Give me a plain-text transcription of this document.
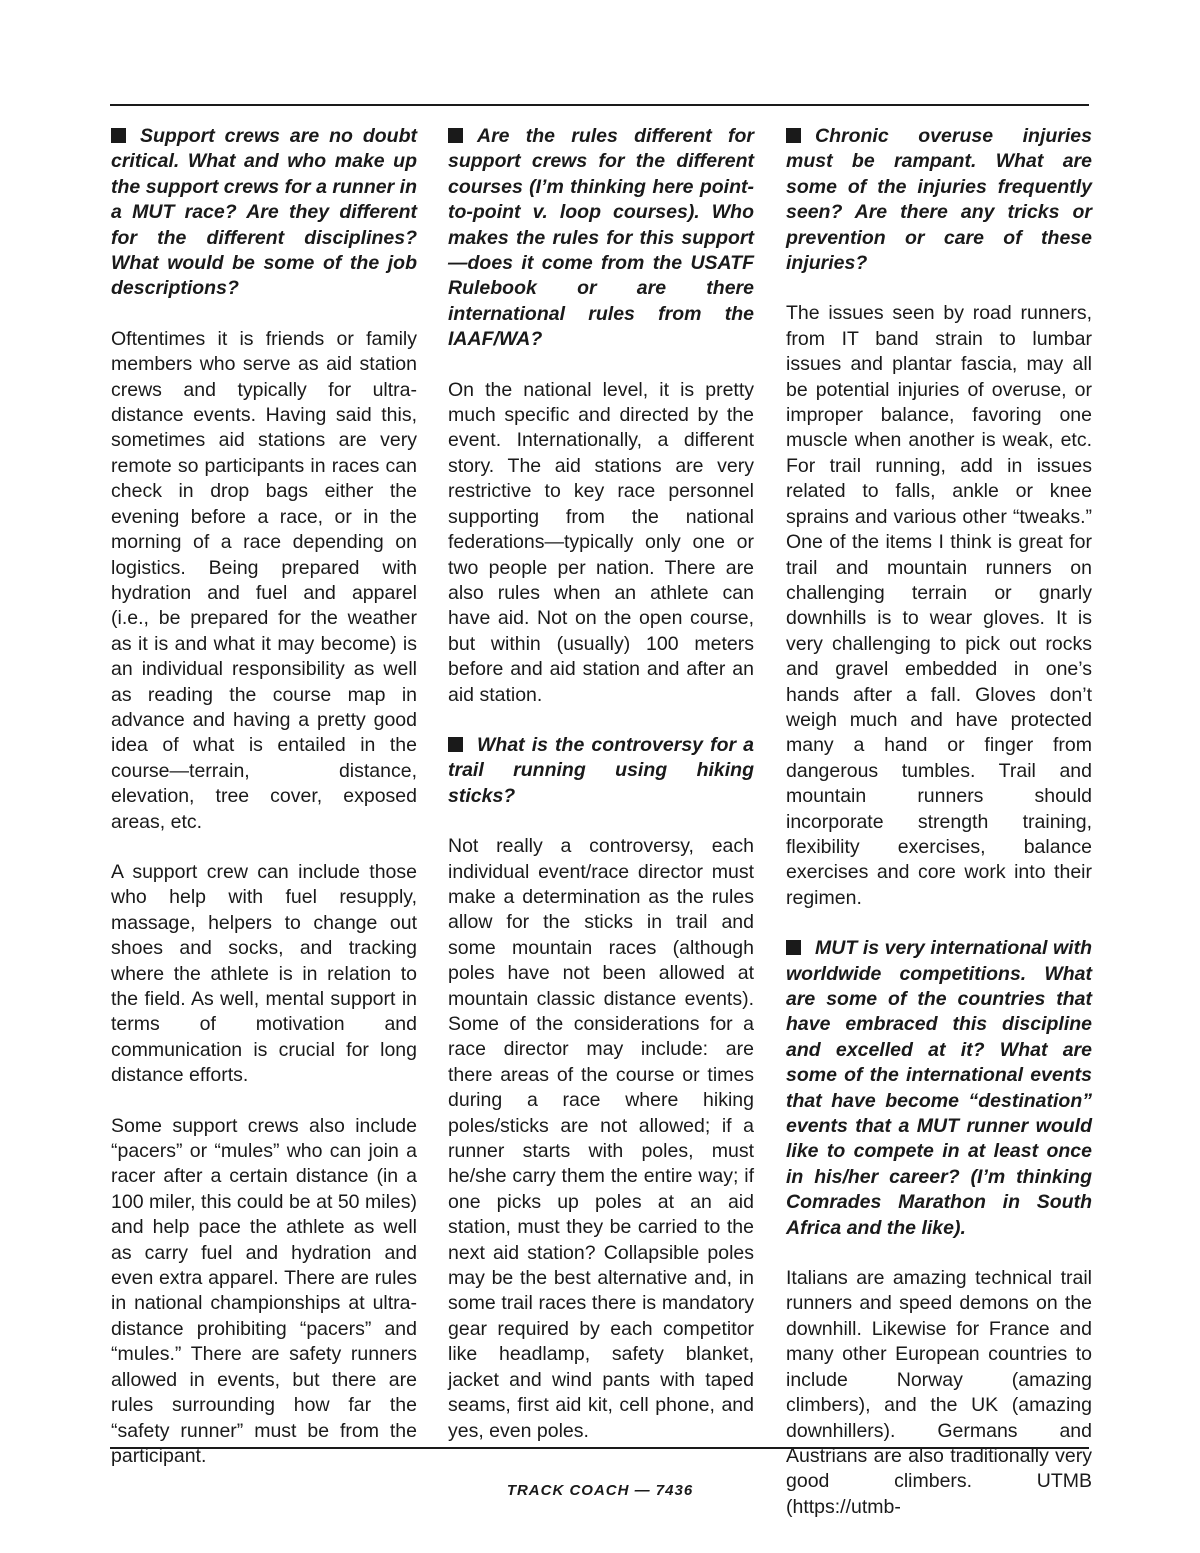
Support crews are no doubt critical. What and who make up the support crews for a runner in a MUT race? Are they different for the different disciplines? What would be some of the job descriptions?

Oftentimes it is friends or family members who serve as aid station crews and typically for ultra-distance events. Having said this, sometimes aid stations are very remote so participants in races can check in drop bags either the evening before a race, or in the morning of a race depending on logistics. Being prepared with hydration and fuel and apparel (i.e., be prepared for the weather as it is and what it may become) is an individual responsibility as well as reading the course map in advance and having a pretty good idea of what is entailed in the course—terrain, distance, elevation, tree cover, exposed areas, etc.

A support crew can include those who help with fuel resupply, massage, helpers to change out shoes and socks, and tracking where the athlete is in relation to the field. As well, mental support in terms of motivation and communication is crucial for long distance efforts.

Some support crews also include “pacers” or “mules” who can join a racer after a certain distance (in a 100 miler, this could be at 50 miles) and help pace the athlete as well as carry fuel and hydration and even extra apparel. There are rules in national championships at ultra-distance prohibiting “pacers” and “mules.” There are safety runners allowed in events, but there are rules surrounding how far the “safety runner” must be from the participant.

Are the rules different for support crews for the different courses (I’m thinking here point-to-point v. loop courses). Who makes the rules for this support—does it come from the USATF Rulebook or are there international rules from the IAAF/WA?

On the national level, it is pretty much specific and directed by the event. Internationally, a different story. The aid stations are very restrictive to key race personnel supporting from the national federations—typically only one or two people per nation. There are also rules when an athlete can have aid. Not on the open course, but within (usually) 100 meters before and aid station and after an aid station.

What is the controversy for a trail running using hiking sticks?

Not really a controversy, each individual event/race director must make a determination as the rules allow for the sticks in trail and some mountain races (although poles have not been allowed at mountain classic distance events). Some of the considerations for a race director may include: are there areas of the course or times during a race where hiking poles/sticks are not allowed; if a runner starts with poles, must he/she carry them the entire way; if one picks up poles at an aid station, must they be carried to the next aid station? Collapsible poles may be the best alternative and, in some trail races there is mandatory gear required by each competitor like headlamp, safety blanket, jacket and wind pants with taped seams, first aid kit, cell phone, and yes, even poles.

Chronic overuse injuries must be rampant. What are some of the injuries frequently seen? Are there any tricks or prevention or care of these injuries?

The issues seen by road runners, from IT band strain to lumbar issues and plantar fascia, may all be potential injuries of overuse, or improper balance, favoring one muscle when another is weak, etc. For trail running, add in issues related to falls, ankle or knee sprains and various other “tweaks.” One of the items I think is great for trail and mountain runners on challenging terrain or gnarly downhills is to wear gloves. It is very challenging to pick out rocks and gravel embedded in one’s hands after a fall. Gloves don’t weigh much and have protected many a hand or finger from dangerous tumbles. Trail and mountain runners should incorporate strength training, flexibility exercises, balance exercises and core work into their regimen.

MUT is very international with worldwide competitions. What are some of the countries that have embraced this discipline and excelled at it? What are some of the international events that have become “destination” events that a MUT runner would like to compete in at least once in his/her career? (I’m thinking Comrades Marathon in South Africa and the like).

Italians are amazing technical trail runners and speed demons on the downhill. Likewise for France and many other European countries to include Norway (amazing climbers), and the UK (amazing downhillers). Germans and Austrians are also traditionally very good climbers. UTMB (https://utmb-

TRACK COACH — 7436
